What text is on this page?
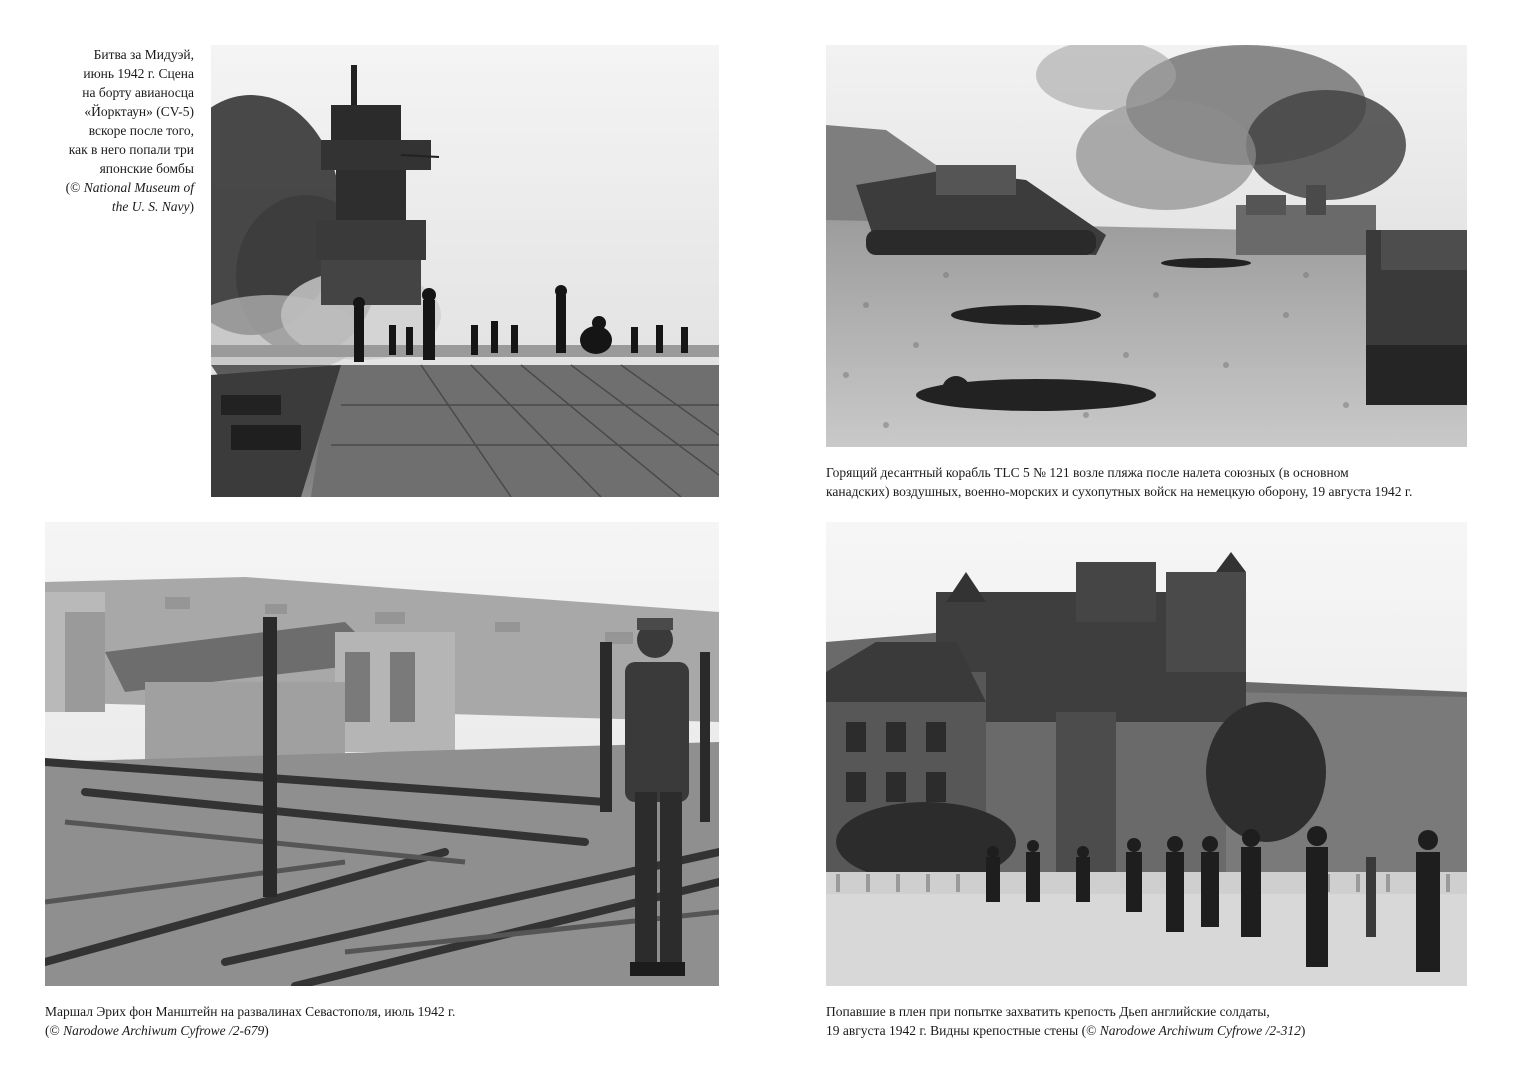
Битва за Мидуэй,
июнь 1942 г. Сцена
на борту авианосца
«Йорктаун» (CV-5)
вскоре после того,
как в него попали три
японские бомбы
(© National Museum of
the U. S. Navy)
Горящий десантный корабль TLC 5 № 121 возле пляжа после налета союзных (в основном
канадских) воздушных, военно-морских и сухопутных войск на немецкую оборону, 19 августа 1942 г.
Маршал Эрих фон Манштейн на развалинах Севастополя, июль 1942 г.
(© Narodowe Archiwum Cyfrowe /2-679)
Попавшие в плен при попытке захватить крепость Дьеп английские солдаты,
19 августа 1942 г. Видны крепостные стены (© Narodowe Archiwum Cyfrowe /2-312)
